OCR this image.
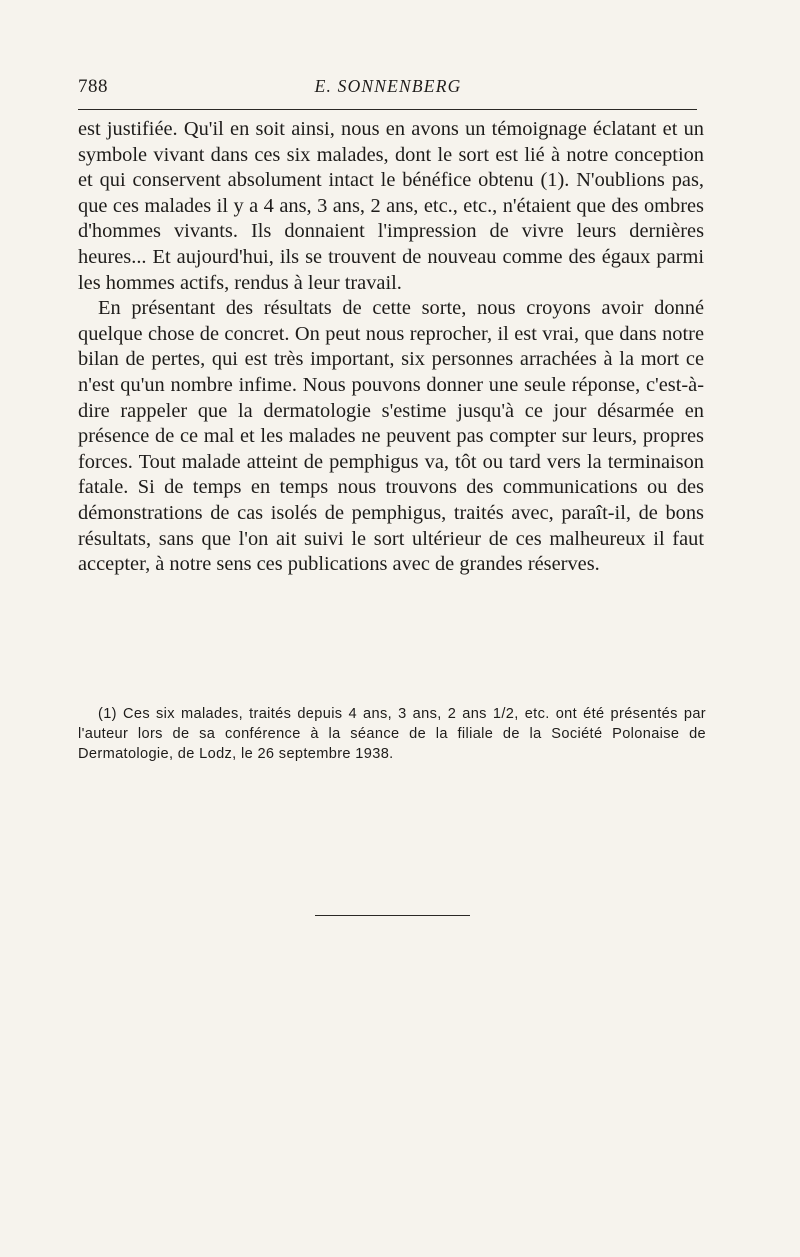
788	E. SONNENBERG

est justifiée. Qu'il en soit ainsi, nous en avons un témoignage éclatant et un symbole vivant dans ces six malades, dont le sort est lié à notre conception et qui conservent absolument intact le bénéfice obtenu (1). N'oublions pas, que ces malades il y a 4 ans, 3 ans, 2 ans, etc., etc., n'étaient que des ombres d'hommes vivants. Ils donnaient l'impression de vivre leurs dernières heures... Et aujourd'hui, ils se trouvent de nouveau comme des égaux parmi les hommes actifs, rendus à leur travail.

En présentant des résultats de cette sorte, nous croyons avoir donné quelque chose de concret. On peut nous reprocher, il est vrai, que dans notre bilan de pertes, qui est très important, six personnes arrachées à la mort ce n'est qu'un nombre infime. Nous pouvons donner une seule réponse, c'est-à-dire rappeler que la dermatologie s'estime jusqu'à ce jour désarmée en présence de ce mal et les malades ne peuvent pas compter sur leurs, propres forces. Tout malade atteint de pemphigus va, tôt ou tard vers la terminaison fatale. Si de temps en temps nous trouvons des communications ou des démonstrations de cas isolés de pemphigus, traités avec, paraît-il, de bons résultats, sans que l'on ait suivi le sort ultérieur de ces malheureux il faut accepter, à notre sens ces publications avec de grandes réserves.

(1) Ces six malades, traités depuis 4 ans, 3 ans, 2 ans 1/2, etc. ont été présentés par l'auteur lors de sa conférence à la séance de la filiale de la Société Polonaise de Dermatologie, de Lodz, le 26 septembre 1938.
